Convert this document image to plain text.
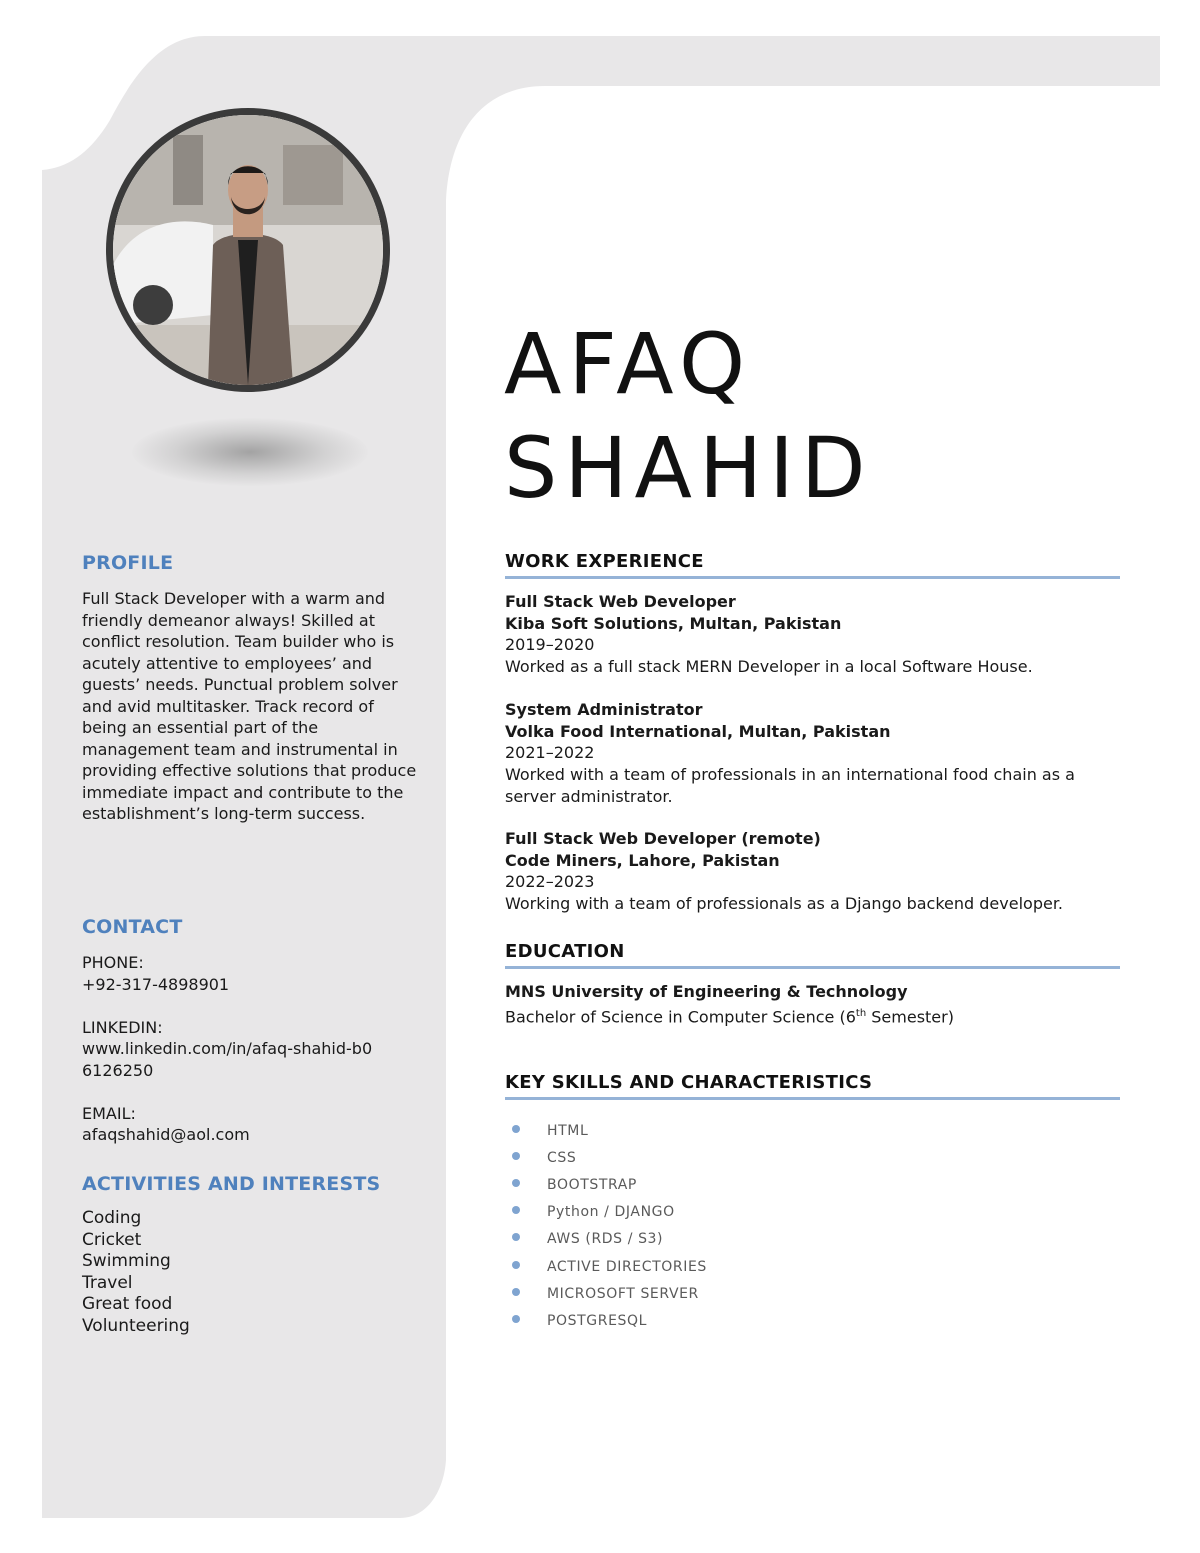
PROFILE

Full Stack Developer with a warm and friendly demeanor always! Skilled at conflict resolution. Team builder who is acutely attentive to employees’ and guests’ needs. Punctual problem solver and avid multitasker. Track record of being an essential part of the management team and instrumental in providing effective solutions that produce immediate impact and contribute to the establishment’s long-term success.

CONTACT

PHONE:

+92-317-4898901

LINKEDIN:

www.linkedin.com/in/afaq-shahid-b06126250

EMAIL:

afaqshahid@aol.com

ACTIVITIES AND INTERESTS
Coding
Cricket
Swimming
Travel
Great food
Volunteering
AFAQ
SHAHID
WORK EXPERIENCE

Full Stack Web Developer

Kiba Soft Solutions, Multan, Pakistan

2019–2020

Worked as a full stack MERN Developer in a local Software House.

System Administrator

Volka Food International, Multan, Pakistan

2021–2022

Worked with a team of professionals in an international food chain as a server administrator.

Full Stack Web Developer (remote)

Code Miners, Lahore, Pakistan

2022–2023

Working with a team of professionals as a Django backend developer.

EDUCATION

MNS University of Engineering & Technology

Bachelor of Science in Computer Science (6th Semester)

KEY SKILLS AND CHARACTERISTICS
HTML
CSS
BOOTSTRAP
Python / DJANGO
AWS (RDS / S3)
ACTIVE DIRECTORIES
MICROSOFT SERVER
POSTGRESQL
